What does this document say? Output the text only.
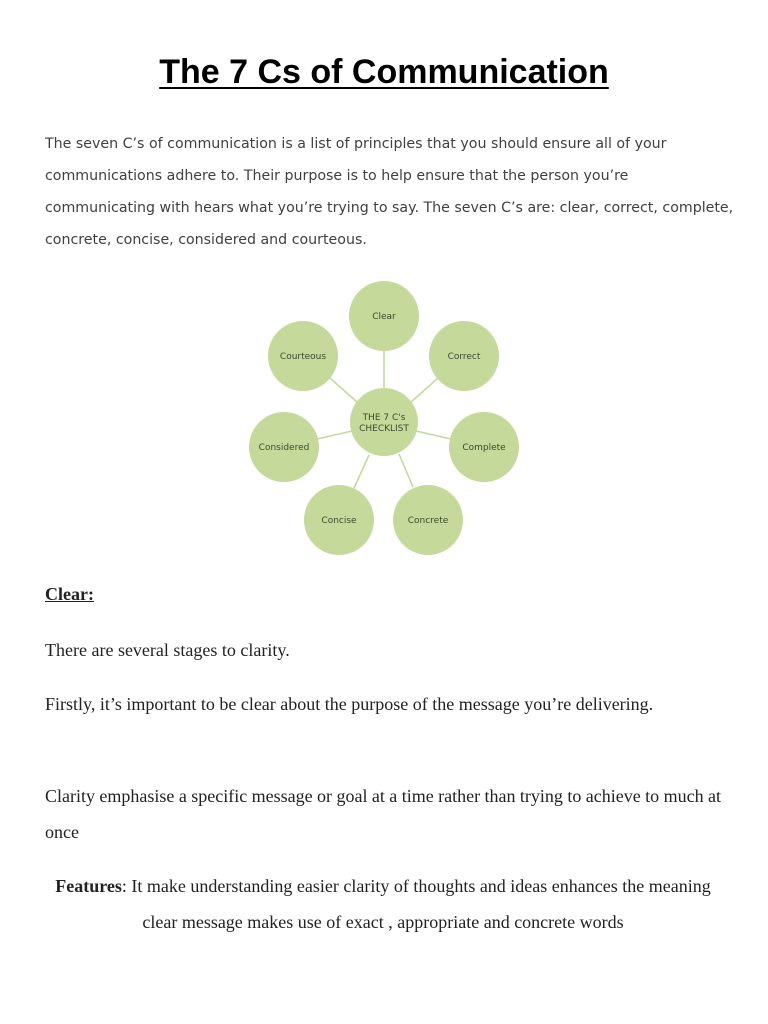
The 7 Cs of Communication

The seven C’s of communication is a list of principles that you should ensure all of your communications adhere to. Their purpose is to help ensure that the person you’re communicating with hears what you’re trying to say. The seven C’s are: clear, correct, complete, concrete, concise, considered and courteous.

THE 7 C's
CHECKLIST
Clear
Correct
Complete
Concrete
Concise
Considered
Courteous
Clear:

There are several stages to clarity.

Firstly, it’s important to be clear about the purpose of the message you’re delivering.

Clarity emphasise a specific message or goal at a time rather than trying to achieve to much at once

Features: It make understanding easier clarity of thoughts and ideas enhances the meaning clear message makes use of exact , appropriate and concrete words
